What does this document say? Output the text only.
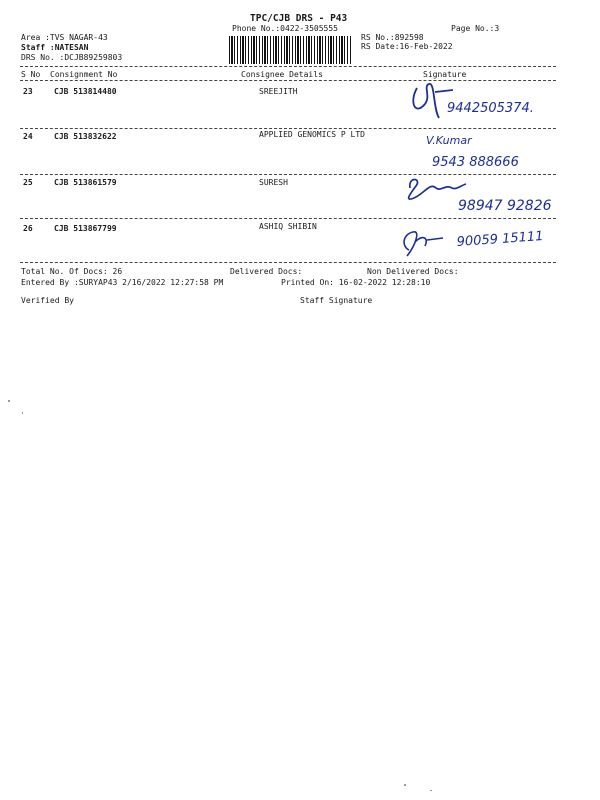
TPC/CJB DRS - P43
Phone No.:0422-3505555	Page No.:3
Area :TVS NAGAR-43
Staff :NATESAN
DRS No. :DCJB89259803
RS No.:892598
RS Date:16-Feb-2022
S No Consignment No	Consignee Details	Signature
23	CJB 513814480	SREEJITH
9442505374.
24	CJB 513832622	APPLIED GENOMICS P LTD	V.Kumar
9543 888666
25	CJB 513861579	SURESH
98947 92826
26	CJB 513867799	ASHIQ SHIBIN
90059 15111
Total No. Of Docs: 26	Delivered Docs:	Non Delivered Docs:
Entered By :SURYAP43 2/16/2022 12:27:58 PM	Printed On: 16-02-2022 12:28:10
Verified By	Staff Signature
